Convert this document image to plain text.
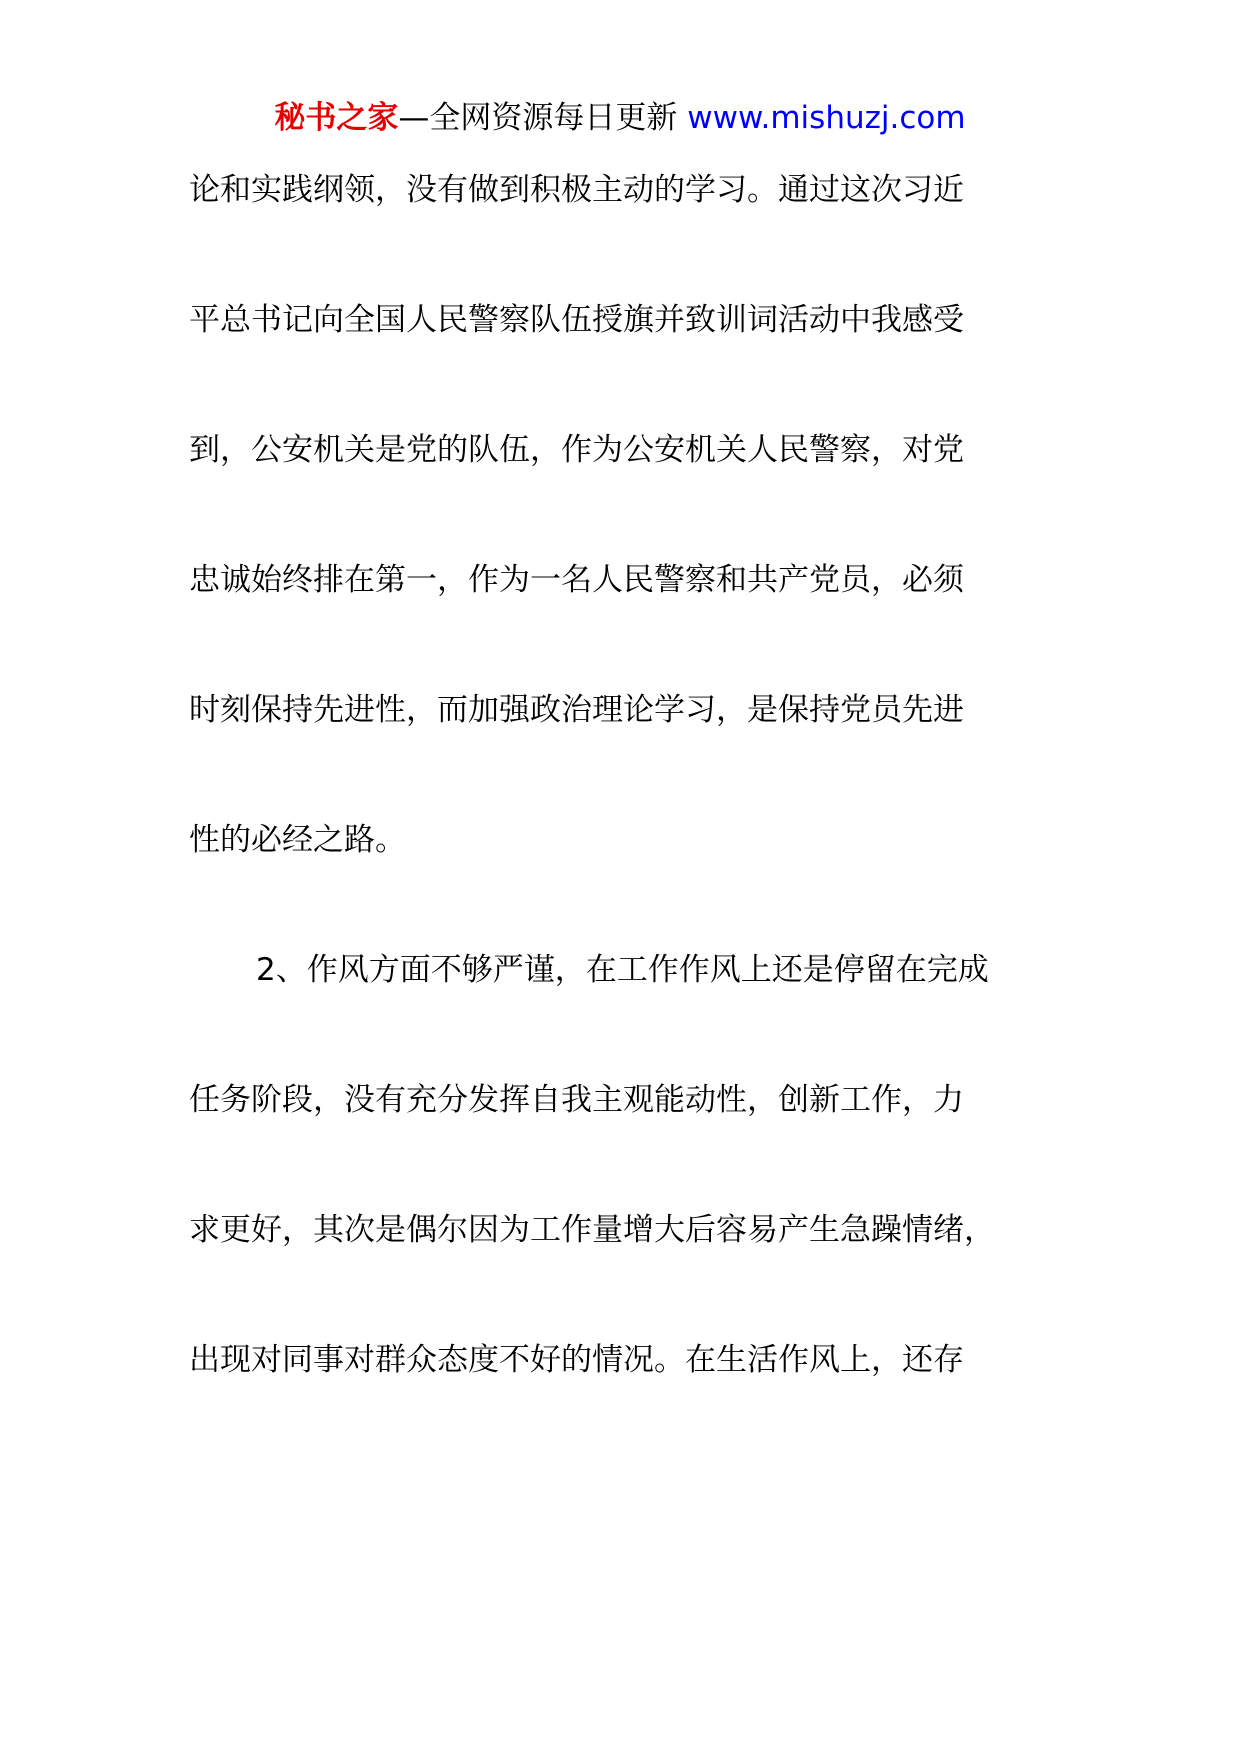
秘书之家—全网资源每日更新 www.mishuzj.com
论和实践纲领，没有做到积极主动的学习。通过这次习近
平总书记向全国人民警察队伍授旗并致训词活动中我感受
到，公安机关是党的队伍，作为公安机关人民警察，对党
忠诚始终排在第一，作为一名人民警察和共产党员，必须
时刻保持先进性，而加强政治理论学习，是保持党员先进
性的必经之路。
2、作风方面不够严谨，在工作作风上还是停留在完成
任务阶段，没有充分发挥自我主观能动性，创新工作，力
求更好，其次是偶尔因为工作量增大后容易产生急躁情绪，
出现对同事对群众态度不好的情况。在生活作风上，还存
